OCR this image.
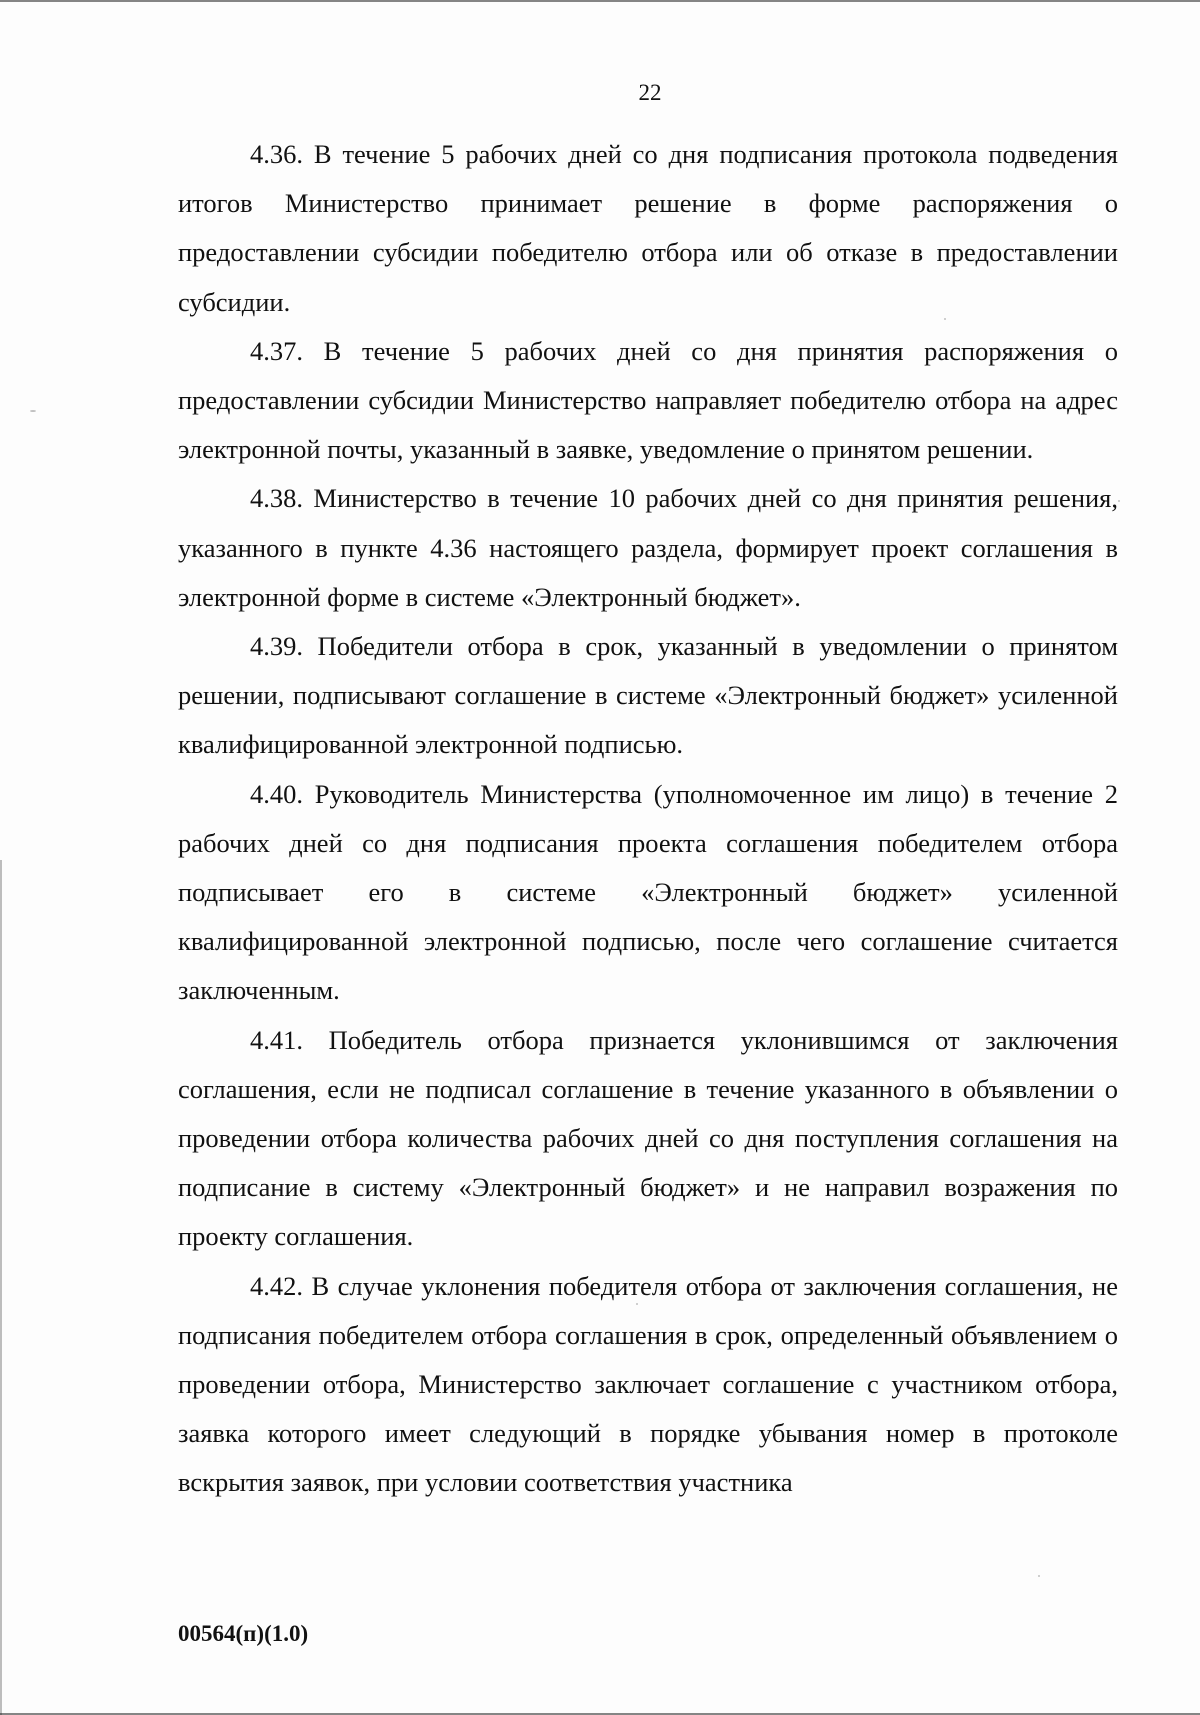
22

4.36. В течение 5 рабочих дней со дня подписания протокола подведения итогов Министерство принимает решение в форме распоряжения о предоставлении субсидии победителю отбора или об отказе в предоставлении субсидии.

4.37. В течение 5 рабочих дней со дня принятия распоряжения о предоставлении субсидии Министерство направляет победителю отбора на адрес электронной почты, указанный в заявке, уведомление о принятом решении.

4.38. Министерство в течение 10 рабочих дней со дня принятия решения, указанного в пункте 4.36 настоящего раздела, формирует проект соглашения в электронной форме в системе «Электронный бюджет».

4.39. Победители отбора в срок, указанный в уведомлении о принятом решении, подписывают соглашение в системе «Электронный бюджет» усиленной квалифицированной электронной подписью.

4.40. Руководитель Министерства (уполномоченное им лицо) в течение 2 рабочих дней со дня подписания проекта соглашения победителем отбора подписывает его в системе «Электронный бюджет» усиленной квалифицированной электронной подписью, после чего соглашение считается заключенным.

4.41. Победитель отбора признается уклонившимся от заключения соглашения, если не подписал соглашение в течение указанного в объявлении о проведении отбора количества рабочих дней со дня поступления соглашения на подписание в систему «Электронный бюджет» и не направил возражения по проекту соглашения.

4.42. В случае уклонения победителя отбора от заключения соглашения, не подписания победителем отбора соглашения в срок, определенный объявлением о проведении отбора, Министерство заключает соглашение с участником отбора, заявка которого имеет следующий в порядке убывания номер в протоколе вскрытия заявок, при условии соответствия участника

00564(п)(1.0)
